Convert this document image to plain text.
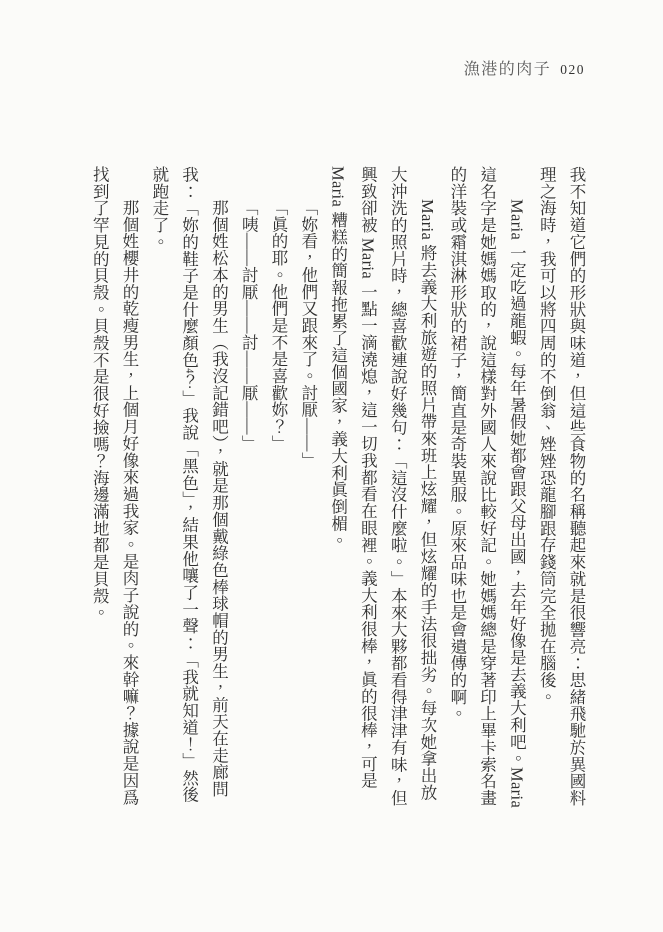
漁港的肉子 020

我不知道它們的形狀與味道，但這些食物的名稱聽起來就是很響亮：思緒飛馳於異國料理之海時，我可以將四周的不倒翁、矬矬恐龍腳跟存錢筒完全拋在腦後。

Maria 一定吃過龍蝦。每年暑假她都會跟父母出國，去年好像是去義大利吧。Maria 這名字是她媽媽取的，說這樣對外國人來說比較好記。她媽媽總是穿著印上畢卡索名畫的洋裝或霜淇淋形狀的裙子，簡直是奇裝異服。原來品味也是會遺傳的啊。

Maria 將去義大利旅遊的照片帶來班上炫耀，但炫耀的手法很拙劣。每次她拿出放大沖洗的照片時，總喜歡連說好幾句：「這沒什麼啦。」本來大夥都看得津津有味，但興致卻被 Maria 一點一滴澆熄，這一切我都看在眼裡。義大利很棒，眞的很棒，可是 Maria 糟糕的簡報拖累了這個國家，義大利眞倒楣。

「妳看，他們又跟來了。討厭——」

「眞的耶。他們是不是喜歡妳？」

「咦——討厭——討——厭——」

那個姓松本的男生（我沒記錯吧），就是那個戴綠色棒球帽的男生，前天在走廊問我：「妳的鞋子是什麼顏色4？」我說「黑色」，結果他嚷了一聲：「我就知道！」然後就跑走了。

那個姓櫻井的乾瘦男生，上個月好像來過我家。是肉子說的。來幹嘛？據說是因爲找到了罕見的貝殼。貝殼不是很好撿嗎？海邊滿地都是貝殼。
